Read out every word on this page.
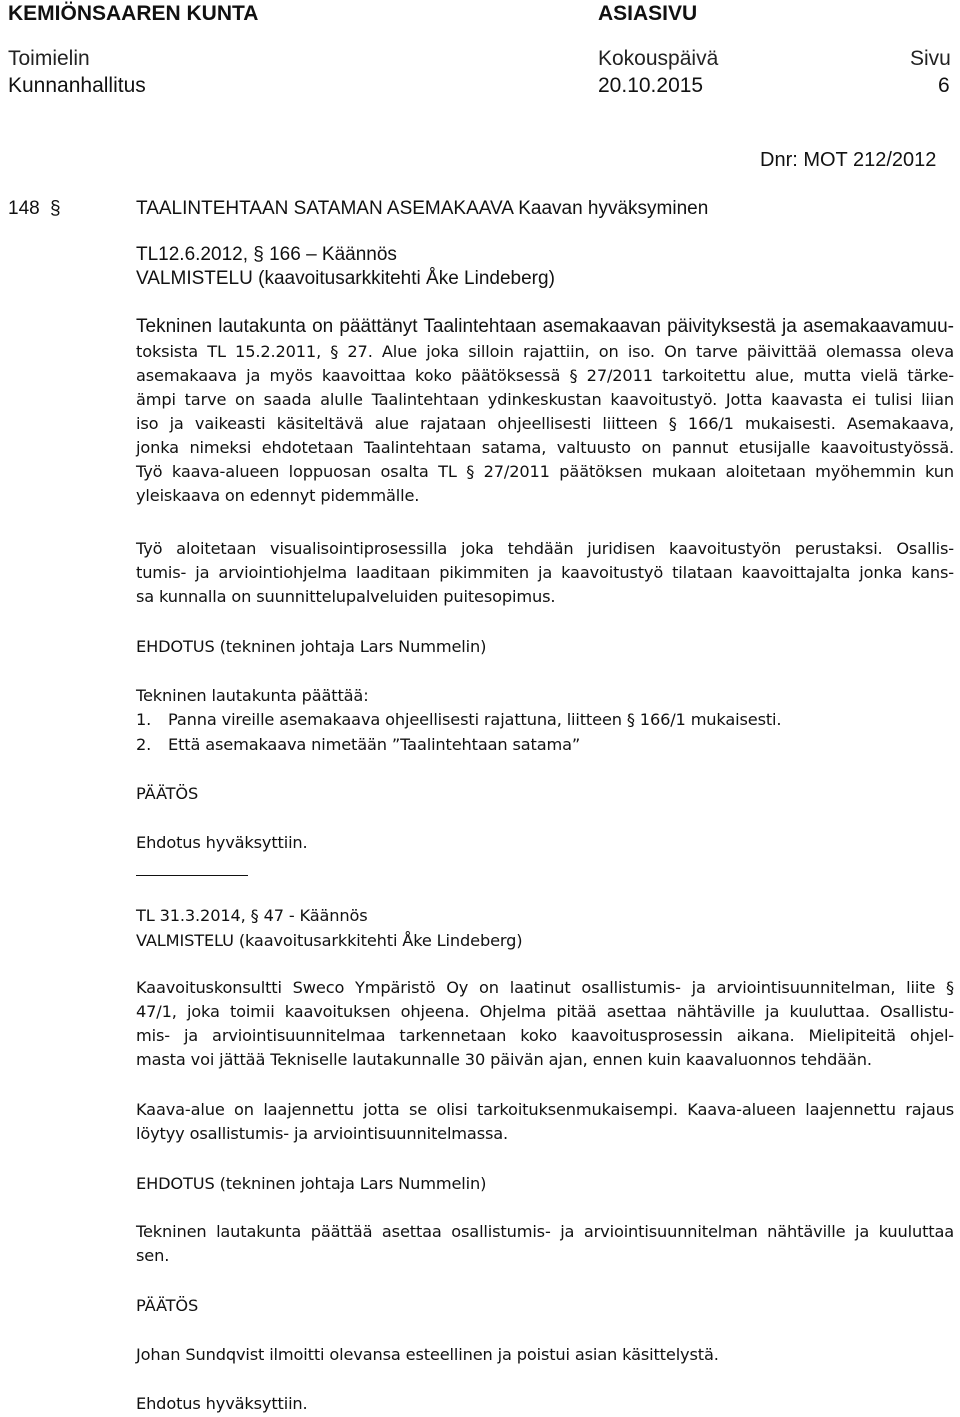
KEMIÖNSAAREN KUNTA	ASIASIVU
Toimielin	Kokouspäivä	Sivu
Kunnanhallitus	20.10.2015	6
Dnr: MOT 212/2012
148 §	TAALINTEHTAAN SATAMAN ASEMAKAAVA Kaavan hyväksyminen
TL12.6.2012, § 166 – Käännös
VALMISTELU (kaavoitusarkkitehti Åke Lindeberg)
Tekninen lautakunta on päättänyt Taalintehtaan asemakaavan päivityksestä ja asemakaavamuu-
toksista TL 15.2.2011, § 27. Alue joka silloin rajattiin, on iso. On tarve päivittää olemassa oleva
asemakaava ja myös kaavoittaa koko päätöksessä § 27/2011 tarkoitettu alue, mutta vielä tärke-
ämpi tarve on saada alulle Taalintehtaan ydinkeskustan kaavoitustyö. Jotta kaavasta ei tulisi liian
iso ja vaikeasti käsiteltävä alue rajataan ohjeellisesti liitteen § 166/1 mukaisesti. Asemakaava,
jonka nimeksi ehdotetaan Taalintehtaan satama, valtuusto on pannut etusijalle kaavoitustyössä.
Työ kaava-alueen loppuosan osalta TL § 27/2011 päätöksen mukaan aloitetaan myöhemmin kun
yleiskaava on edennyt pidemmälle.
Työ aloitetaan visualisointiprosessilla joka tehdään juridisen kaavoitustyön perustaksi. Osallis-
tumis- ja arviointiohjelma laaditaan pikimmiten ja kaavoitustyö tilataan kaavoittajalta jonka kans-
sa kunnalla on suunnittelupalveluiden puitesopimus.
EHDOTUS (tekninen johtaja Lars Nummelin)
Tekninen lautakunta päättää:
1. Panna vireille asemakaava ohjeellisesti rajattuna, liitteen § 166/1 mukaisesti.
2. Että asemakaava nimetään ”Taalintehtaan satama”
PÄÄTÖS
Ehdotus hyväksyttiin.
TL 31.3.2014, § 47 - Käännös
VALMISTELU (kaavoitusarkkitehti Åke Lindeberg)
Kaavoituskonsultti Sweco Ympäristö Oy on laatinut osallistumis- ja arviointisuunnitelman, liite §
47/1, joka toimii kaavoituksen ohjeena. Ohjelma pitää asettaa nähtäville ja kuuluttaa. Osallistu-
mis- ja arviointisuunnitelmaa tarkennetaan koko kaavoitusprosessin aikana. Mielipiteitä ohjel-
masta voi jättää Tekniselle lautakunnalle 30 päivän ajan, ennen kuin kaavaluonnos tehdään.
Kaava-alue on laajennettu jotta se olisi tarkoituksenmukaisempi. Kaava-alueen laajennettu rajaus
löytyy osallistumis- ja arviointisuunnitelmassa.
EHDOTUS (tekninen johtaja Lars Nummelin)
Tekninen lautakunta päättää asettaa osallistumis- ja arviointisuunnitelman nähtäville ja kuuluttaa
sen.
PÄÄTÖS
Johan Sundqvist ilmoitti olevansa esteellinen ja poistui asian käsittelystä.
Ehdotus hyväksyttiin.
